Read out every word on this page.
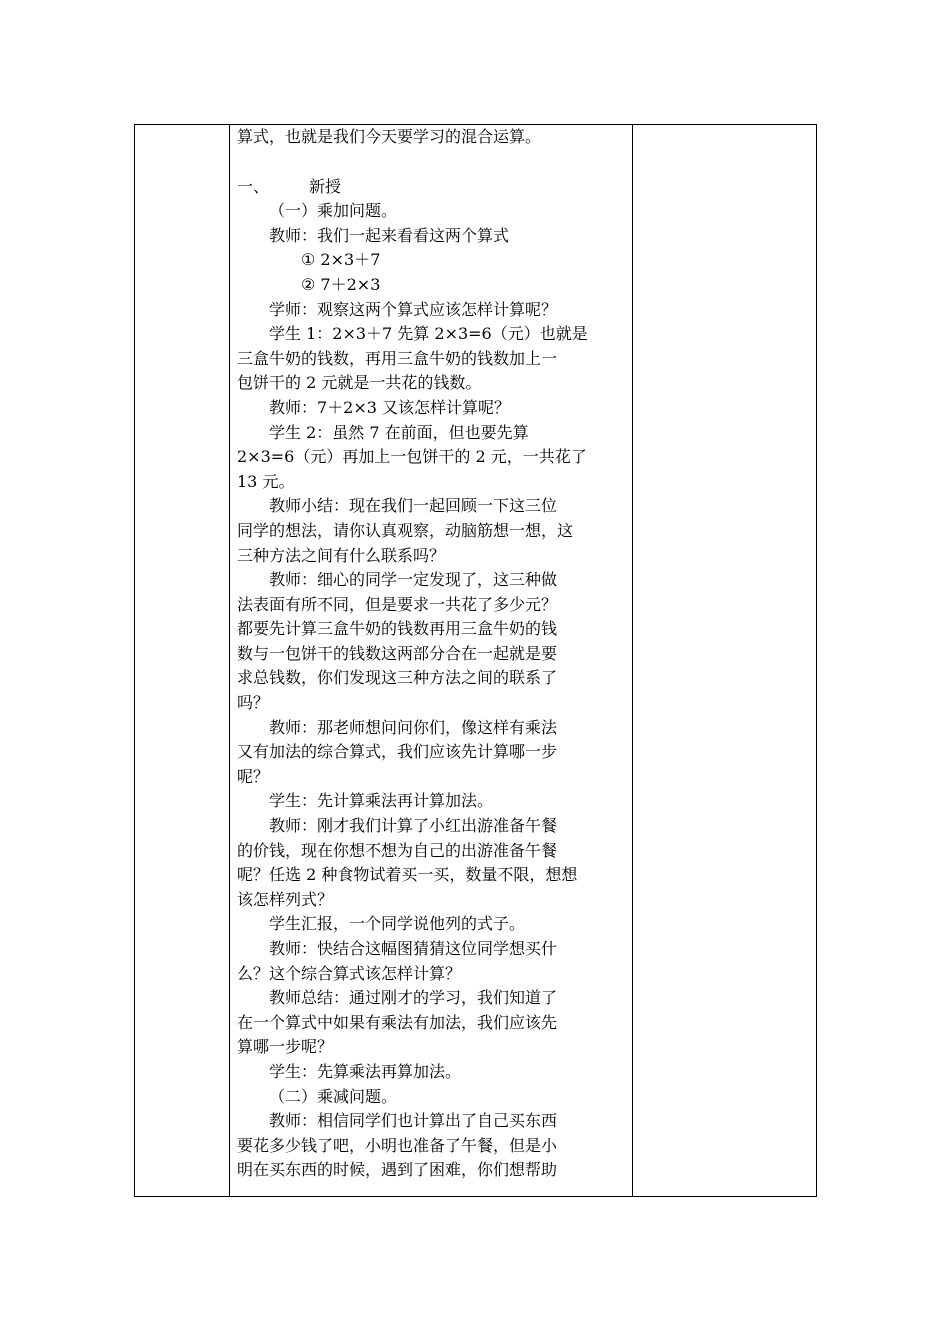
算式，也就是我们今天要学习的混合运算。

一、	新授

（一）乘加问题。

教师：我们一起来看看这两个算式

① 2×3＋7

② 7＋2×3

学师：观察这两个算式应该怎样计算呢？

学生 1：2×3＋7 先算 2×3=6（元）也就是

三盒牛奶的钱数，再用三盒牛奶的钱数加上一

包饼干的 2 元就是一共花的钱数。

教师：7＋2×3 又该怎样计算呢？

学生 2：虽然 7 在前面，但也要先算

2×3=6（元）再加上一包饼干的 2 元，一共花了

13 元。

教师小结：现在我们一起回顾一下这三位

同学的想法，请你认真观察，动脑筋想一想，这

三种方法之间有什么联系吗？

教师：细心的同学一定发现了，这三种做

法表面有所不同，但是要求一共花了多少元？

都要先计算三盒牛奶的钱数再用三盒牛奶的钱

数与一包饼干的钱数这两部分合在一起就是要

求总钱数，你们发现这三种方法之间的联系了

吗？

教师：那老师想问问你们，像这样有乘法

又有加法的综合算式，我们应该先计算哪一步

呢？

学生：先计算乘法再计算加法。

教师：刚才我们计算了小红出游准备午餐

的价钱，现在你想不想为自己的出游准备午餐

呢？任选 2 种食物试着买一买，数量不限，想想

该怎样列式？

学生汇报，一个同学说他列的式子。

教师：快结合这幅图猜猜这位同学想买什

么？这个综合算式该怎样计算？

教师总结：通过刚才的学习，我们知道了

在一个算式中如果有乘法有加法，我们应该先

算哪一步呢？

学生：先算乘法再算加法。

（二）乘减问题。

教师：相信同学们也计算出了自己买东西

要花多少钱了吧，小明也准备了午餐，但是小

明在买东西的时候，遇到了困难，你们想帮助
